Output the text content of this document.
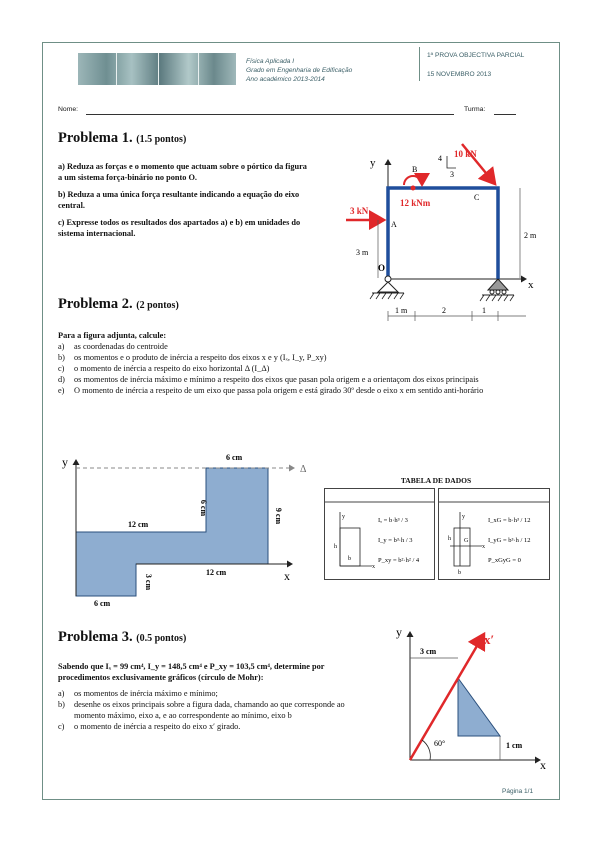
Física Aplicada I
Grado em Engenharia de Edificação
Ano académico 2013-2014
1ª PROVA OBJECTIVA PARCIAL
15 NOVEMBRO 2013
Nome:	Turma:
Problema 1. (1.5 pontos)

a) Reduza as forças e o momento que actuam sobre o pórtico da figura a um sistema força-binário no ponto O.

b) Reduza a uma única força resultante indicando a equação do eixo central.

c) Expresse todos os resultados dos apartados a) e b) em unidades do sistema internacional.

y
x
3 kN
10 kN
4
3
12 kNm
B
C
A
O
3 m
2 m
1 m	2	1
Problema 2. (2 pontos)
Para a figura adjunta, calcule:
a) as coordenadas do centroide
b) os momentos e o produto de inércia a respeito dos eixos x e y (Iₓ, I_y, P_xy)
c) o momento de inércia a respeito do eixo horizontal Δ (I_Δ)
d) os momentos de inércia máximo e mínimo a respeito dos eixos que pasan pola origem e a orientaçom dos eixos principais
e) O momento de inércia a respeito de um eixo que passa pola origem e está girado 30º desde o eixo x em sentido anti-horário
y
x
Δ
6 cm
6 cm	9 cm
12 cm
12 cm
3 cm
6 cm
TABELA DE DADOS
y
x
h
b
Iₓ = b·h³ / 3
I_y = b³·h / 3
P_xy = b²·h² / 4
y
x
h G
b
I_xG = b·h³ / 12
I_yG = b³·h / 12
P_xGyG = 0
Problema 3. (0.5 pontos)
Sabendo que Iₓ = 99 cm⁴, I_y = 148,5 cm⁴ e P_xy = 103,5 cm⁴, determine por procedimentos exclusivamente gráficos (círculo de Mohr):
a) os momentos de inércia máximo e mínimo;
b) desenhe os eixos principais sobre a figura dada, chamando ao que corresponde ao momento máximo, eixo a, e ao correspondente ao mínimo, eixo b
c) o momento de inércia a respeito do eixo x′ girado.
y
x
x′
60°
3 cm
1 cm
Página 1/1
